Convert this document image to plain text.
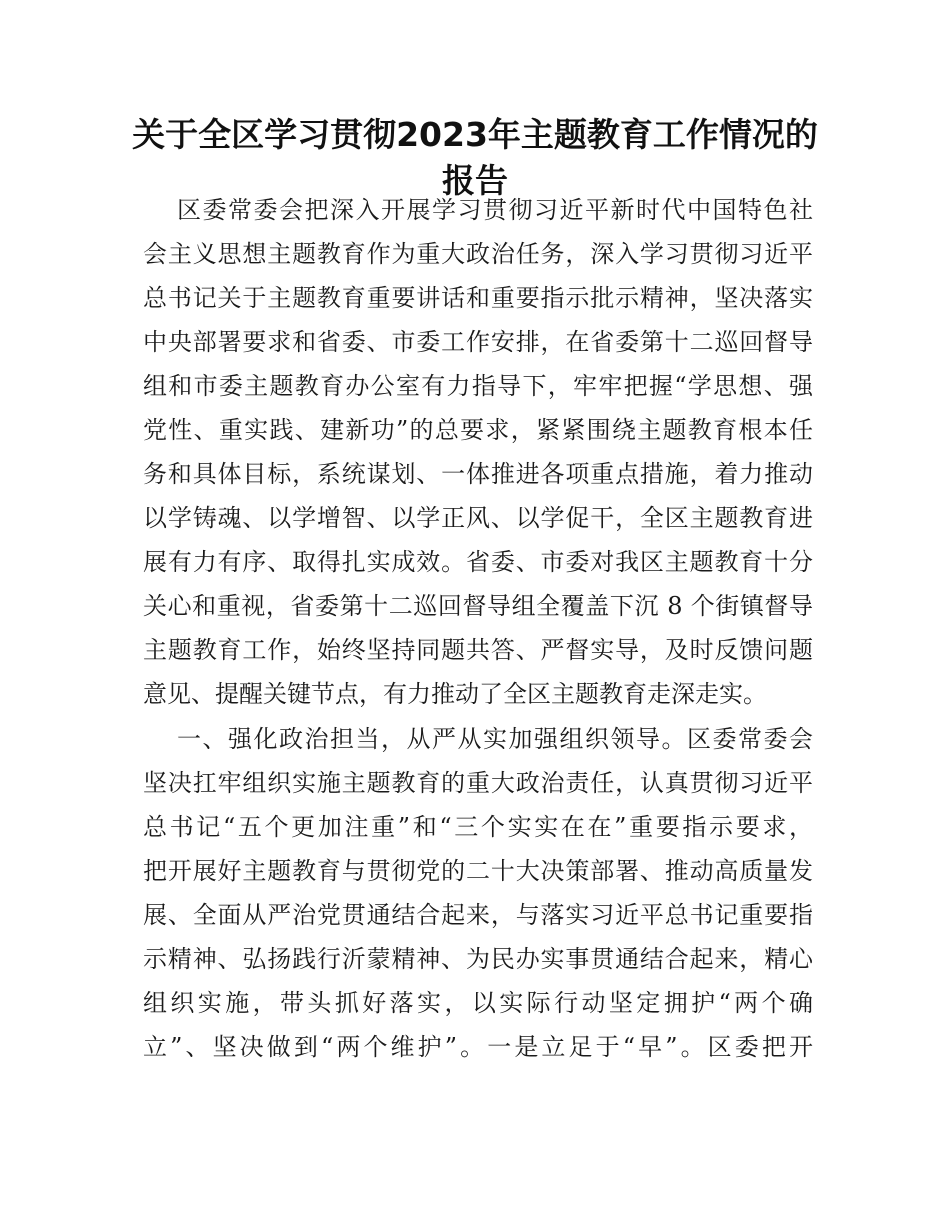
关于全区学习贯彻2023年主题教育工作情况的
报告
区委常委会把深入开展学习贯彻习近平新时代中国特色社
会主义思想主题教育作为重大政治任务，深入学习贯彻习近平
总书记关于主题教育重要讲话和重要指示批示精神，坚决落实
中央部署要求和省委、市委工作安排，在省委第十二巡回督导
组和市委主题教育办公室有力指导下，牢牢把握“学思想、强
党性、重实践、建新功”的总要求，紧紧围绕主题教育根本任
务和具体目标，系统谋划、一体推进各项重点措施，着力推动
以学铸魂、以学增智、以学正风、以学促干，全区主题教育进
展有力有序、取得扎实成效。省委、市委对我区主题教育十分
关心和重视，省委第十二巡回督导组全覆盖下沉 8 个街镇督导
主题教育工作，始终坚持同题共答、严督实导，及时反馈问题
意见、提醒关键节点，有力推动了全区主题教育走深走实。
一、强化政治担当，从严从实加强组织领导。区委常委会
坚决扛牢组织实施主题教育的重大政治责任，认真贯彻习近平
总书记“五个更加注重”和“三个实实在在”重要指示要求，
把开展好主题教育与贯彻党的二十大决策部署、推动高质量发
展、全面从严治党贯通结合起来，与落实习近平总书记重要指
示精神、弘扬践行沂蒙精神、为民办实事贯通结合起来，精心
组织实施，带头抓好落实，以实际行动坚定拥护“两个确
立”、坚决做到“两个维护”。一是立足于“早”。区委把开
